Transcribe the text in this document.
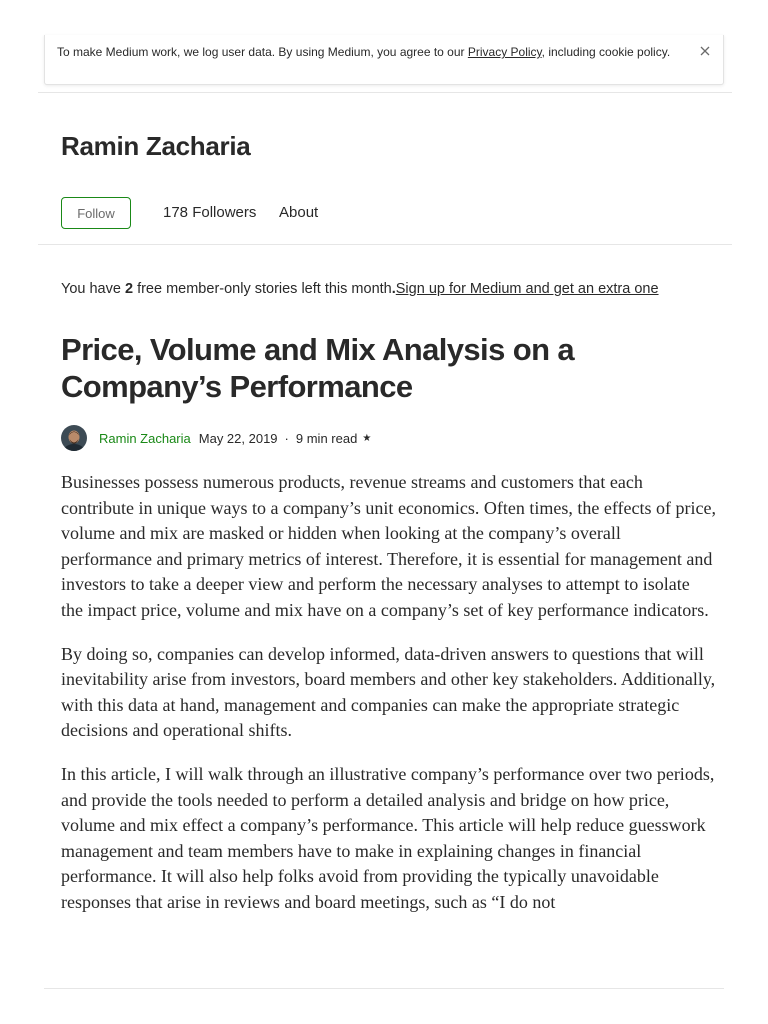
To make Medium work, we log user data. By using Medium, you agree to our Privacy Policy, including cookie policy.
Ramin Zacharia
Follow	178 Followers About
You have 2 free member-only stories left this month.Sign up for Medium and get an extra one
Price, Volume and Mix Analysis on a Company’s Performance
Ramin Zacharia May 22, 2019 · 9 min read ★

Businesses possess numerous products, revenue streams and customers that each contribute in unique ways to a company’s unit economics. Often times, the effects of price, volume and mix are masked or hidden when looking at the company’s overall performance and primary metrics of interest. Therefore, it is essential for management and investors to take a deeper view and perform the necessary analyses to attempt to isolate the impact price, volume and mix have on a company’s set of key performance indicators.

By doing so, companies can develop informed, data-driven answers to questions that will inevitability arise from investors, board members and other key stakeholders. Additionally, with this data at hand, management and companies can make the appropriate strategic decisions and operational shifts.

In this article, I will walk through an illustrative company’s performance over two periods, and provide the tools needed to perform a detailed analysis and bridge on how price, volume and mix effect a company’s performance. This article will help reduce guesswork management and team members have to make in explaining changes in financial performance. It will also help folks avoid from providing the typically unavoidable responses that arise in reviews and board meetings, such as “I do not
